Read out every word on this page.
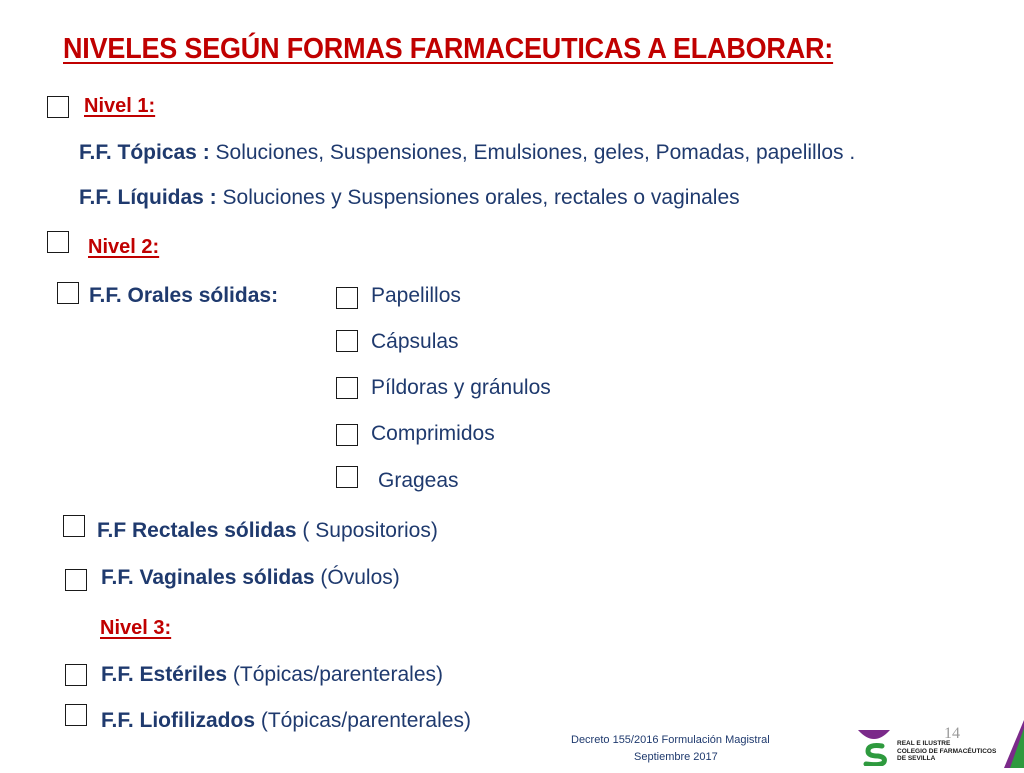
NIVELES SEGÚN FORMAS FARMACEUTICAS A ELABORAR:
Nivel 1:
F.F. Tópicas : Soluciones, Suspensiones, Emulsiones, geles, Pomadas, papelillos .
F.F. Líquidas : Soluciones y Suspensiones orales, rectales o vaginales
Nivel 2:
F.F. Orales sólidas:	Papelillos
Cápsulas
Píldoras y gránulos
Comprimidos
Grageas
F.F Rectales sólidas ( Supositorios)
F.F. Vaginales sólidas (Óvulos)
Nivel 3:
F.F. Estériles (Tópicas/parenterales)
F.F. Liofilizados (Tópicas/parenterales)
14
Decreto 155/2016 Formulación Magistral
Septiembre 2017
REAL E ILUSTRE
COLEGIO DE FARMACÉUTICOS
DE SEVILLA
